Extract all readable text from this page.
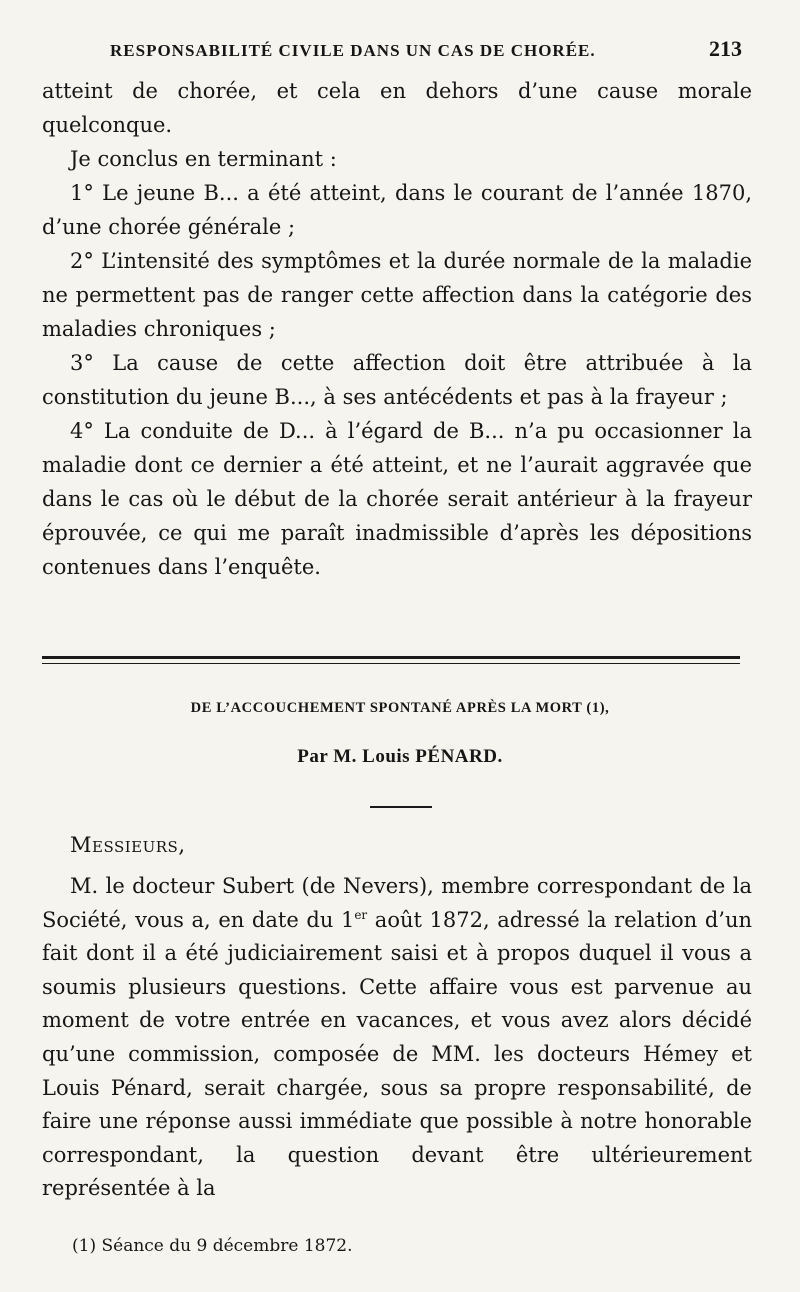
RESPONSABILITÉ CIVILE DANS UN CAS DE CHORÉE.	213

atteint de chorée, et cela en dehors d’une cause morale quelconque.

Je conclus en terminant :

1° Le jeune B... a été atteint, dans le courant de l’année 1870, d’une chorée générale ;

2° L’intensité des symptômes et la durée normale de la maladie ne permettent pas de ranger cette affection dans la catégorie des maladies chroniques ;

3° La cause de cette affection doit être attribuée à la constitution du jeune B..., à ses antécédents et pas à la frayeur ;

4° La conduite de D... à l’égard de B... n’a pu occasionner la maladie dont ce dernier a été atteint, et ne l’aurait aggravée que dans le cas où le début de la chorée serait antérieur à la frayeur éprouvée, ce qui me paraît inadmissible d’après les dépositions contenues dans l’enquête.

DE L’ACCOUCHEMENT SPONTANÉ APRÈS LA MORT (1),
Par M. Louis PÉNARD.
Messieurs,

M. le docteur Subert (de Nevers), membre correspondant de la Société, vous a, en date du 1er août 1872, adressé la relation d’un fait dont il a été judiciairement saisi et à propos duquel il vous a soumis plusieurs questions. Cette affaire vous est parvenue au moment de votre entrée en vacances, et vous avez alors décidé qu’une commission, composée de MM. les docteurs Hémey et Louis Pénard, serait chargée, sous sa propre responsabilité, de faire une réponse aussi immédiate que possible à notre honorable correspondant, la question devant être ultérieurement représentée à la

(1) Séance du 9 décembre 1872.
